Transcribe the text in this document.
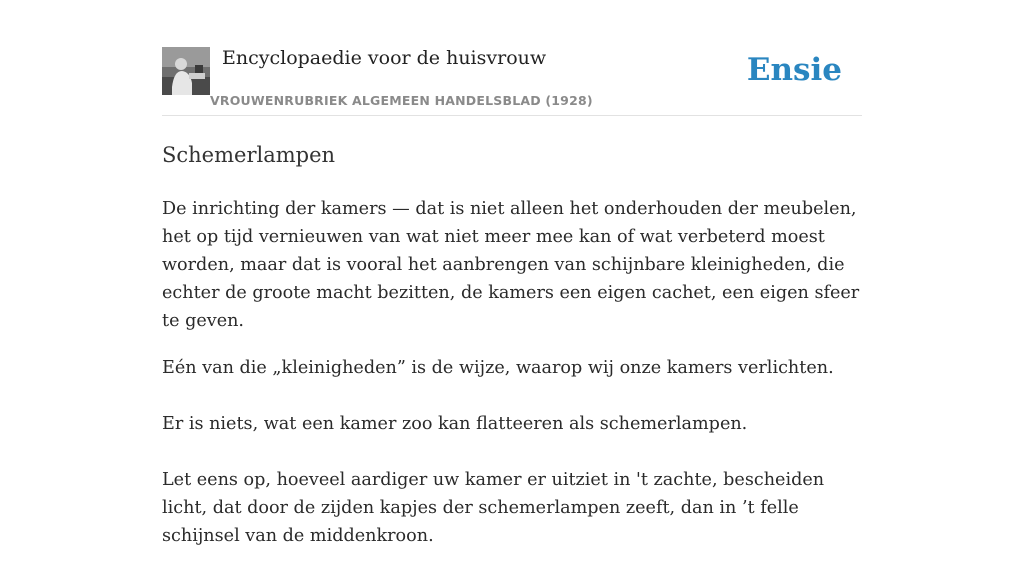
Encyclopaedie voor de huisvrouw
VROUWENRUBRIEK ALGEMEEN HANDELSBLAD (1928)
Ensie
Schemerlampen

De inrichting der kamers — dat is niet alleen het onderhouden der meubelen, het op tijd vernieuwen van wat niet meer mee kan of wat verbeterd moest worden, maar dat is vooral het aanbrengen van schijnbare kleinigheden, die echter de groote macht bezitten, de kamers een eigen cachet, een eigen sfeer te geven.

Eén van die „kleinigheden” is de wijze, waarop wij onze kamers verlichten.

Er is niets, wat een kamer zoo kan flatteeren als schemerlampen.

Let eens op, hoeveel aardiger uw kamer er uitziet in 't zachte, bescheiden licht, dat door de zijden kapjes der schemerlampen zeeft, dan in ’t felle schijnsel van de middenkroon.
